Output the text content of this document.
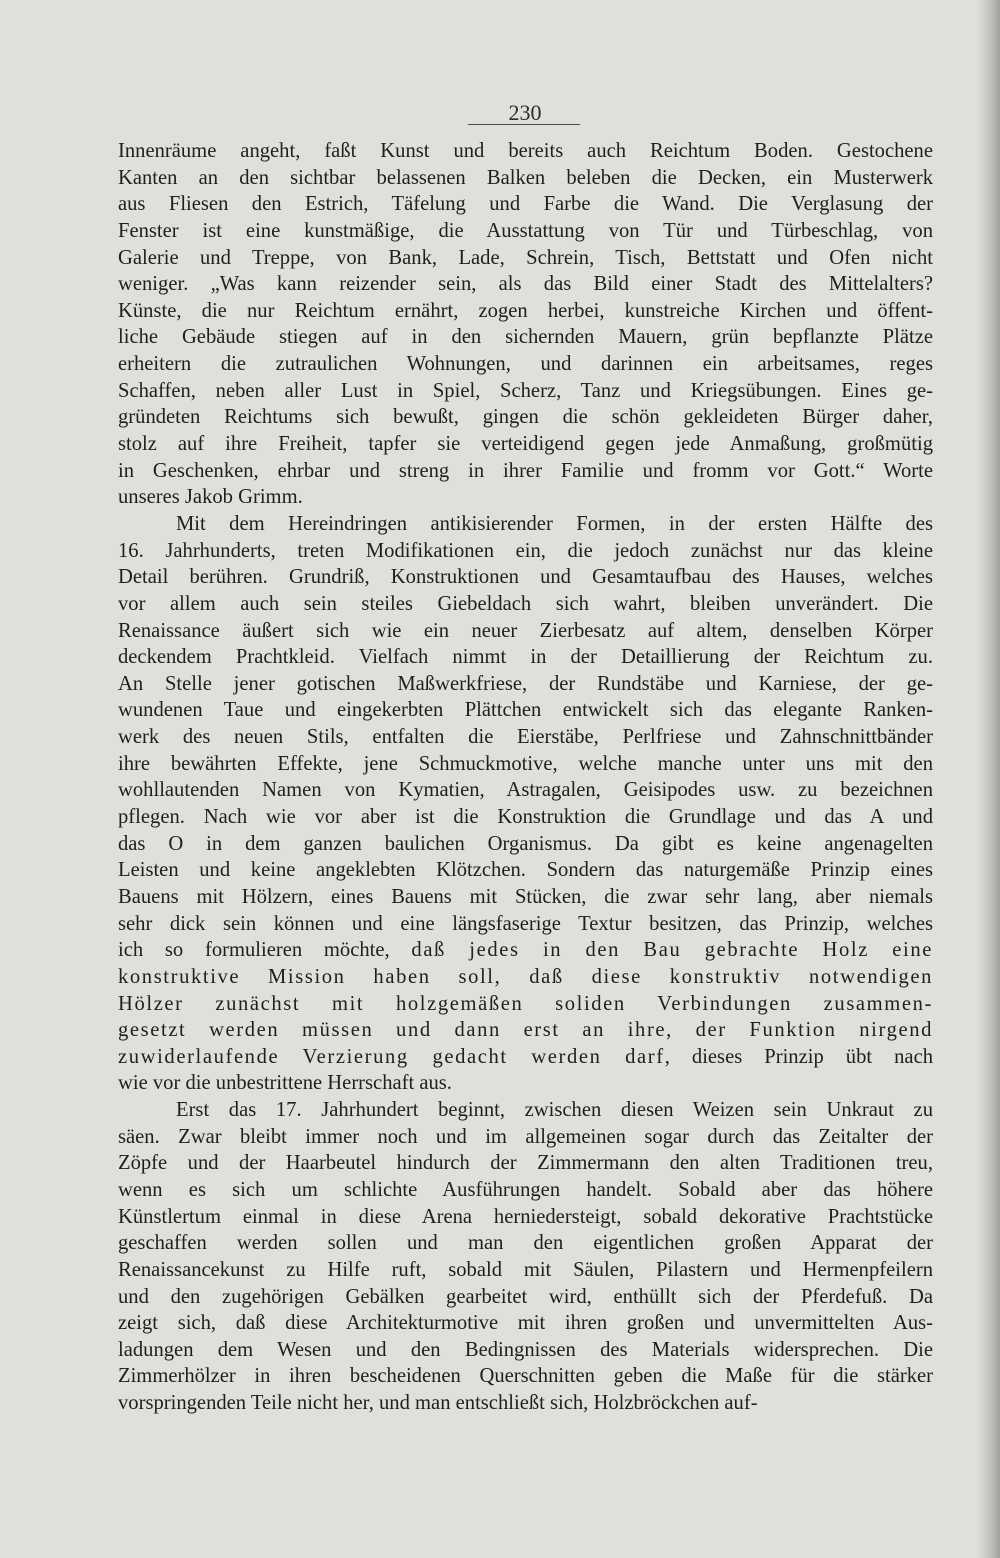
230

Innenräume angeht, faßt Kunst und bereits auch Reichtum Boden. Gestochene
Kanten an den sichtbar belassenen Balken beleben die Decken, ein Musterwerk
aus Fliesen den Estrich, Täfelung und Farbe die Wand. Die Verglasung der
Fenster ist eine kunstmäßige, die Ausstattung von Tür und Türbeschlag, von
Galerie und Treppe, von Bank, Lade, Schrein, Tisch, Bettstatt und Ofen nicht
weniger. „Was kann reizender sein, als das Bild einer Stadt des Mittelalters?
Künste, die nur Reichtum ernährt, zogen herbei, kunstreiche Kirchen und öffent-
liche Gebäude stiegen auf in den sichernden Mauern, grün bepflanzte Plätze
erheitern die zutraulichen Wohnungen, und darinnen ein arbeitsames, reges
Schaffen, neben aller Lust in Spiel, Scherz, Tanz und Kriegsübungen. Eines ge-
gründeten Reichtums sich bewußt, gingen die schön gekleideten Bürger daher,
stolz auf ihre Freiheit, tapfer sie verteidigend gegen jede Anmaßung, großmütig
in Geschenken, ehrbar und streng in ihrer Familie und fromm vor Gott.“ Worte
unseres Jakob Grimm.
Mit dem Hereindringen antikisierender Formen, in der ersten Hälfte des
16. Jahrhunderts, treten Modifikationen ein, die jedoch zunächst nur das kleine
Detail berühren. Grundriß, Konstruktionen und Gesamtaufbau des Hauses, welches
vor allem auch sein steiles Giebeldach sich wahrt, bleiben unverändert. Die
Renaissance äußert sich wie ein neuer Zierbesatz auf altem, denselben Körper
deckendem Prachtkleid. Vielfach nimmt in der Detaillierung der Reichtum zu.
An Stelle jener gotischen Maßwerkfriese, der Rundstäbe und Karniese, der ge-
wundenen Taue und eingekerbten Plättchen entwickelt sich das elegante Ranken-
werk des neuen Stils, entfalten die Eierstäbe, Perlfriese und Zahnschnittbänder
ihre bewährten Effekte, jene Schmuckmotive, welche manche unter uns mit den
wohllautenden Namen von Kymatien, Astragalen, Geisipodes usw. zu bezeichnen
pflegen. Nach wie vor aber ist die Konstruktion die Grundlage und das A und
das O in dem ganzen baulichen Organismus. Da gibt es keine angenagelten
Leisten und keine angeklebten Klötzchen. Sondern das naturgemäße Prinzip eines
Bauens mit Hölzern, eines Bauens mit Stücken, die zwar sehr lang, aber niemals
sehr dick sein können und eine längsfaserige Textur besitzen, das Prinzip, welches
ich so formulieren möchte, daß jedes in den Bau gebrachte Holz eine
konstruktive Mission haben soll, daß diese konstruktiv notwendigen
Hölzer zunächst mit holzgemäßen soliden Verbindungen zusammen-
gesetzt werden müssen und dann erst an ihre, der Funktion nirgend
zuwiderlaufende Verzierung gedacht werden darf, dieses Prinzip übt nach
wie vor die unbestrittene Herrschaft aus.
Erst das 17. Jahrhundert beginnt, zwischen diesen Weizen sein Unkraut zu
säen. Zwar bleibt immer noch und im allgemeinen sogar durch das Zeitalter der
Zöpfe und der Haarbeutel hindurch der Zimmermann den alten Traditionen treu,
wenn es sich um schlichte Ausführungen handelt. Sobald aber das höhere
Künstlertum einmal in diese Arena herniedersteigt, sobald dekorative Prachtstücke
geschaffen werden sollen und man den eigentlichen großen Apparat der
Renaissancekunst zu Hilfe ruft, sobald mit Säulen, Pilastern und Hermenpfeilern
und den zugehörigen Gebälken gearbeitet wird, enthüllt sich der Pferdefuß. Da
zeigt sich, daß diese Architekturmotive mit ihren großen und unvermittelten Aus-
ladungen dem Wesen und den Bedingnissen des Materials widersprechen. Die
Zimmerhölzer in ihren bescheidenen Querschnitten geben die Maße für die stärker
vorspringenden Teile nicht her, und man entschließt sich, Holzbröckchen auf-
